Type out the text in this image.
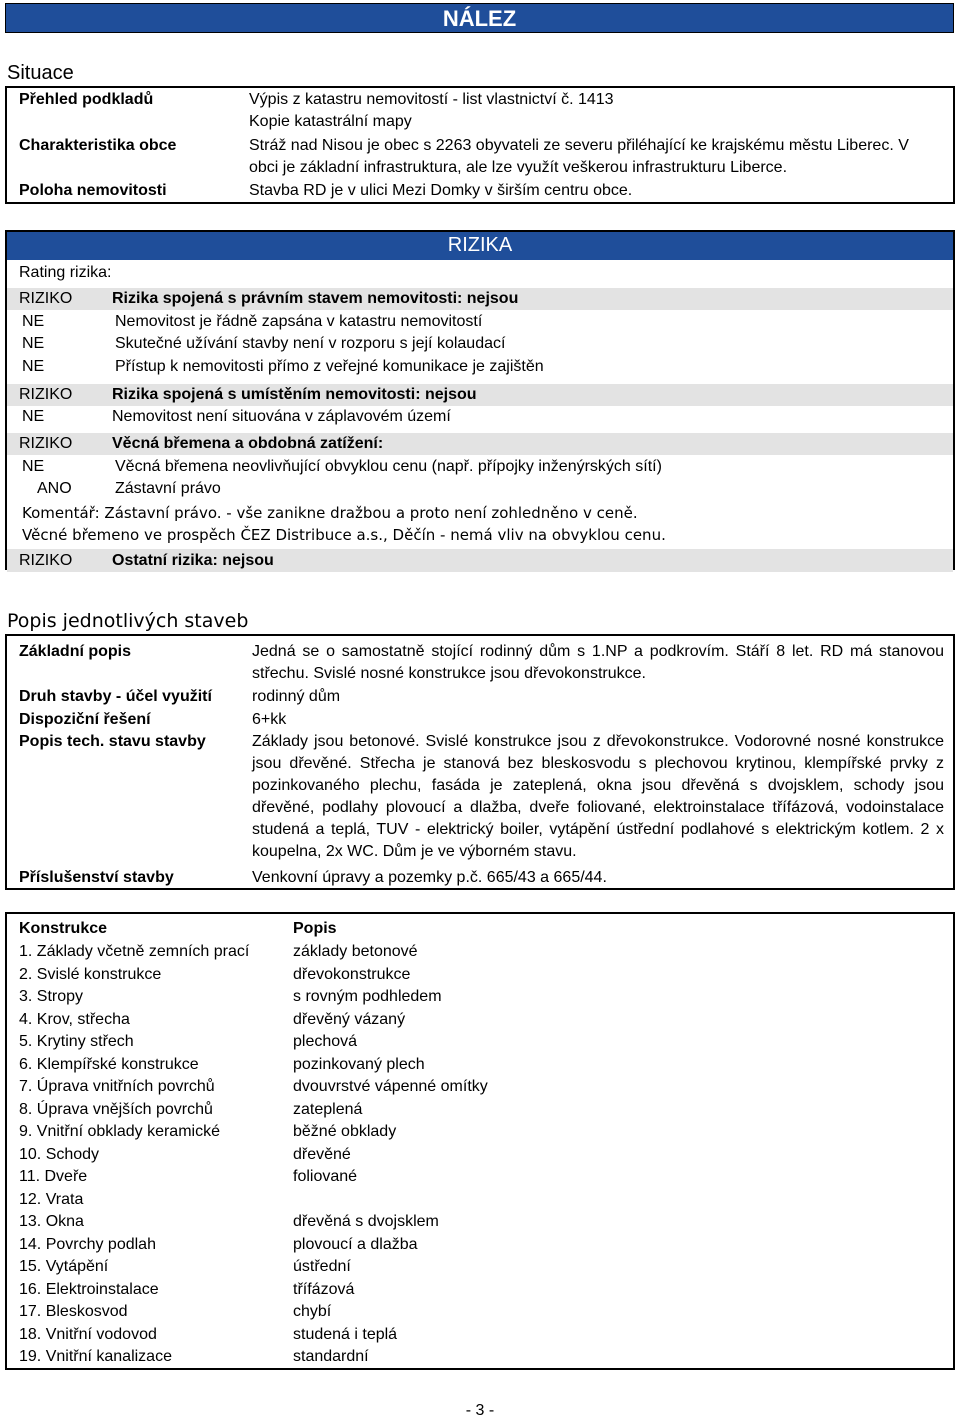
NÁLEZ
Situace
Přehled podkladů	Výpis z katastru nemovitostí - list vlastnictví č. 1413
Kopie katastrální mapy
Charakteristika obce	Stráž nad Nisou je obec s 2263 obyvateli ze severu přiléhající ke krajskému městu Liberec. V
obci je základní infrastruktura, ale lze využít veškerou infrastrukturu Liberce.
Poloha nemovitosti	Stavba RD je v ulici Mezi Domky v širším centru obce.
RIZIKA
Rating rizika:
RIZIKO Rizika spojená s právním stavem nemovitosti: nejsou
NE	Nemovitost je řádně zapsána v katastru nemovitostí
NE	Skutečné užívání stavby není v rozporu s její kolaudací
NE	Přístup k nemovitosti přímo z veřejné komunikace je zajištěn
RIZIKO Rizika spojená s umístěním nemovitosti: nejsou
NE	Nemovitost není situována v záplavovém území
RIZIKO Věcná břemena a obdobná zatížení:
NE	Věcná břemena neovlivňující obvyklou cenu (např. přípojky inženýrských sítí)
ANO	Zástavní právo
Komentář: Zástavní právo. - vše zanikne dražbou a proto není zohledněno v ceně.
Věcné břemeno ve prospěch ČEZ Distribuce a.s., Děčín - nemá vliv na obvyklou cenu.
RIZIKO Ostatní rizika: nejsou
Popis jednotlivých staveb
Základní popis	Jedná se o samostatně stojící rodinný dům s 1.NP a podkrovím. Stáří 8 let. RD má stanovou střechu. Svislé nosné konstrukce jsou dřevokonstrukce.
Druh stavby - účel využití	rodinný dům
Dispoziční řešení	6+kk
Popis tech. stavu stavby	Základy jsou betonové. Svislé konstrukce jsou z dřevokonstrukce. Vodorovné nosné konstrukce jsou dřevěné. Střecha je stanová bez bleskosvodu s plechovou krytinou, klempířské prvky z pozinkovaného plechu, fasáda je zateplená, okna jsou dřevěná s dvojsklem, schody jsou dřevěné, podlahy plovoucí a dlažba, dveře foliované, elektroinstalace třífázová, vodoinstalace studená a teplá, TUV - elektrický boiler, vytápění ústřední podlahové s elektrickým kotlem. 2 x koupelna, 2x WC. Dům je ve výborném stavu.
Příslušenství stavby	Venkovní úpravy a pozemky p.č. 665/43 a 665/44.
Konstrukce	Popis
1. Základy včetně zemních prací	základy betonové
2. Svislé konstrukce	dřevokonstrukce
3. Stropy	s rovným podhledem
4. Krov, střecha	dřevěný vázaný
5. Krytiny střech	plechová
6. Klempířské konstrukce	pozinkovaný plech
7. Úprava vnitřních povrchů	dvouvrstvé vápenné omítky
8. Úprava vnějších povrchů	zateplená
9. Vnitřní obklady keramické	běžné obklady
10. Schody	dřevěné
11. Dveře	foliované
12. Vrata
13. Okna	dřevěná s dvojsklem
14. Povrchy podlah	plovoucí a dlažba
15. Vytápění	ústřední
16. Elektroinstalace	třífázová
17. Bleskosvod	chybí
18. Vnitřní vodovod	studená i teplá
19. Vnitřní kanalizace	standardní
- 3 -
